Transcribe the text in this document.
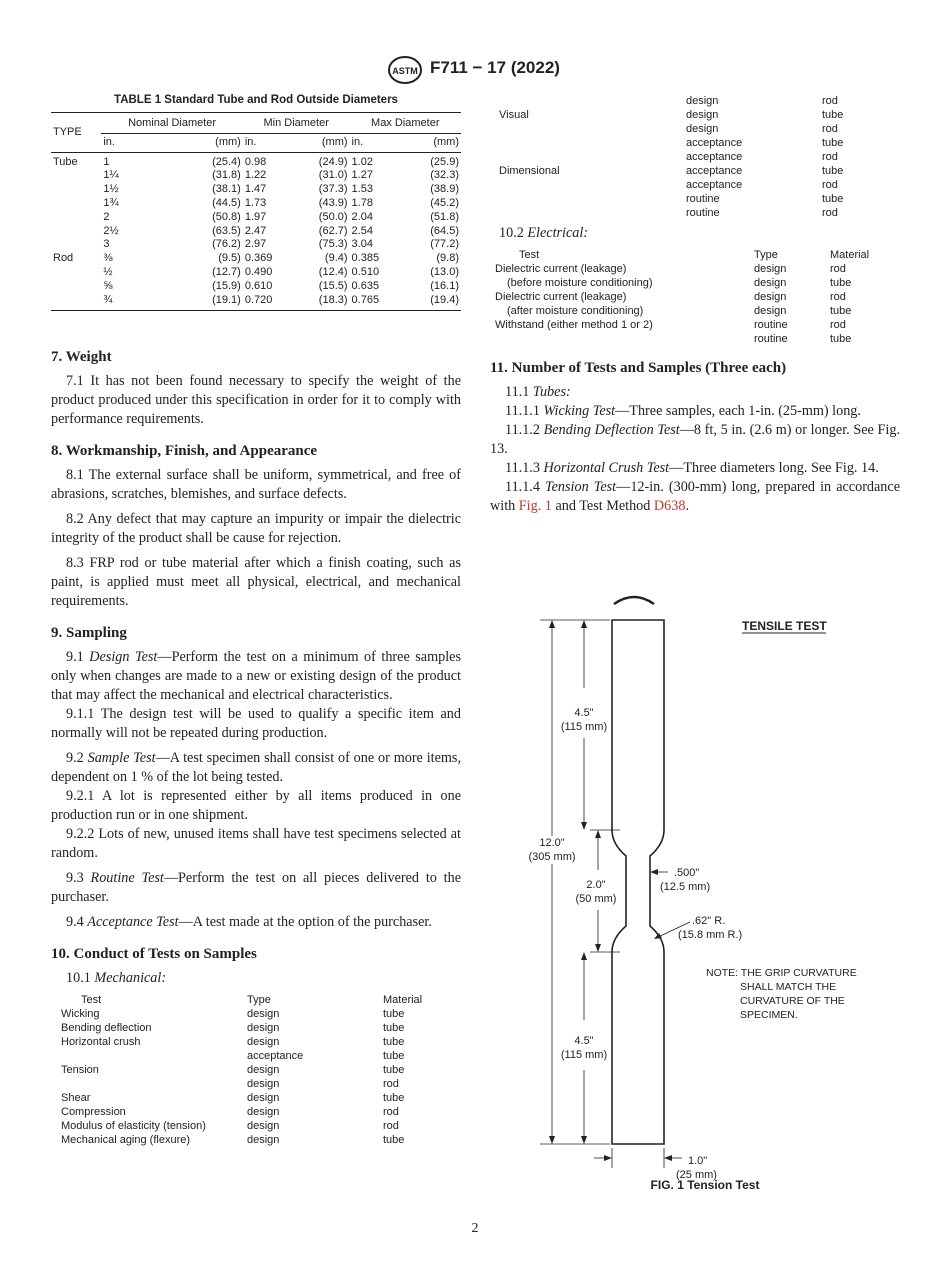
ASTM F711 − 17 (2022)

TABLE 1 Standard Tube and Rod Outside Diameters

TYPE	Nominal Diameter		Min Diameter		Max Diameter	
	in.	(mm)	in.	(mm)	in.	(mm)
Tube	1	(25.4)	0.98	(24.9)	1.02	(25.9)
	1¼	(31.8)	1.22	(31.0)	1.27	(32.3)
	1½	(38.1)	1.47	(37.3)	1.53	(38.9)
	1¾	(44.5)	1.73	(43.9)	1.78	(45.2)
	2	(50.8)	1.97	(50.0)	2.04	(51.8)
	2½	(63.5)	2.47	(62.7)	2.54	(64.5)
	3	(76.2)	2.97	(75.3)	3.04	(77.2)
Rod	⅜	(9.5)	0.369	(9.4)	0.385	(9.8)
	½	(12.7)	0.490	(12.4)	0.510	(13.0)
	⅝	(15.9)	0.610	(15.5)	0.635	(16.1)
	¾	(19.1)	0.720	(18.3)	0.765	(19.4)

7. Weight

7.1 It has not been found necessary to specify the weight of the product produced under this specification in order for it to comply with performance requirements.

8. Workmanship, Finish, and Appearance

8.1 The external surface shall be uniform, symmetrical, and free of abrasions, scratches, blemishes, and surface defects.

8.2 Any defect that may capture an impurity or impair the dielectric integrity of the product shall be cause for rejection.

8.3 FRP rod or tube material after which a finish coating, such as paint, is applied must meet all physical, electrical, and mechanical requirements.

9. Sampling

9.1 Design Test—Perform the test on a minimum of three samples only when changes are made to a new or existing design of the product that may affect the mechanical and electrical characteristics.

9.1.1 The design test will be used to qualify a specific item and normally will not be repeated during production.

9.2 Sample Test—A test specimen shall consist of one or more items, dependent on 1 % of the lot being tested.

9.2.1 A lot is represented either by all items produced in one production run or in one shipment.

9.2.2 Lots of new, unused items shall have test specimens selected at random.

9.3 Routine Test—Perform the test on all pieces delivered to the purchaser.

9.4 Acceptance Test—A test made at the option of the purchaser.

10. Conduct of Tests on Samples

10.1 Mechanical:

Test	Type	Material
Wicking	design	tube
Bending deflection	design	tube
Horizontal crush	design	tube
	acceptance	tube
Tension	design	tube
	design	rod
Shear	design	tube
Compression	design	rod
Modulus of elasticity (tension)	design	rod
Mechanical aging (flexure)	design	tube
	design	rod
Visual	design	tube
	design	rod
	acceptance	tube
	acceptance	rod
Dimensional	acceptance	tube
	acceptance	rod
	routine	tube
	routine	rod

10.2 Electrical:

Test	Type	Material
Dielectric current (leakage)	design	rod
(before moisture conditioning)	design	tube
Dielectric current (leakage)	design	rod
(after moisture conditioning)	design	tube
Withstand (either method 1 or 2)	routine	rod
	routine	tube

11. Number of Tests and Samples (Three each)

11.1 Tubes:

11.1.1 Wicking Test—Three samples, each 1-in. (25-mm) long.

11.1.2 Bending Deflection Test—8 ft, 5 in. (2.6 m) or longer. See Fig. 13.

11.1.3 Horizontal Crush Test—Three diameters long. See Fig. 14.

11.1.4 Tension Test—12-in. (300-mm) long, prepared in accordance with Fig. 1 and Test Method D638.

TENSILE TEST
4.5"
(115 mm)
12.0"
(305 mm)
2.0"
(50 mm)
.500"
(12.5 mm)
.62" R.
(15.8 mm R.)
4.5"
(115 mm)
1.0"
(25 mm)
NOTE: THE GRIP CURVATURE
SHALL MATCH THE
CURVATURE OF THE
SPECIMEN.
FIG. 1 Tension Test
2
